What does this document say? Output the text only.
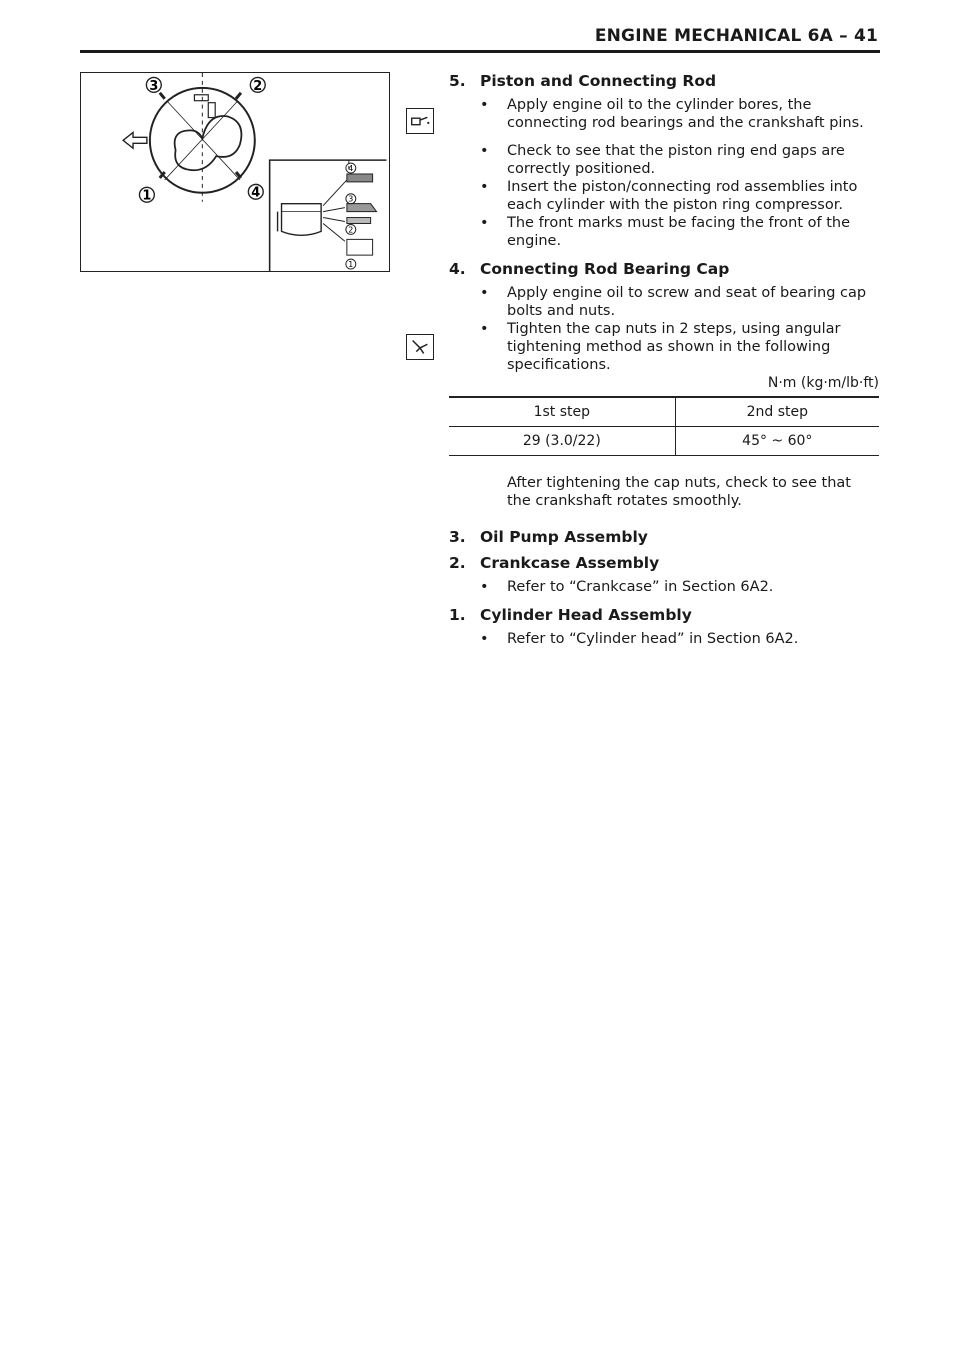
ENGINE MECHANICAL 6A – 41
3	2
1	4
4
3
2
1
5. Piston and Connecting Rod
• Apply engine oil to the cylinder bores, the connecting rod bearings and the crankshaft pins.
• Check to see that the piston ring end gaps are correctly positioned.
• Insert the piston/connecting rod assemblies into each cylinder with the piston ring compressor.
• The front marks must be facing the front of the engine.
4. Connecting Rod Bearing Cap
• Apply engine oil to screw and seat of bearing cap bolts and nuts.
• Tighten the cap nuts in 2 steps, using angular tightening method as shown in the following specifications.
N·m (kg·m/lb·ft)
1st step	2nd step
29 (3.0/22)	45° ~ 60°
After tightening the cap nuts, check to see that the crankshaft rotates smoothly.
3. Oil Pump Assembly
2. Crankcase Assembly
• Refer to “Crankcase” in Section 6A2.
1. Cylinder Head Assembly
• Refer to “Cylinder head” in Section 6A2.
